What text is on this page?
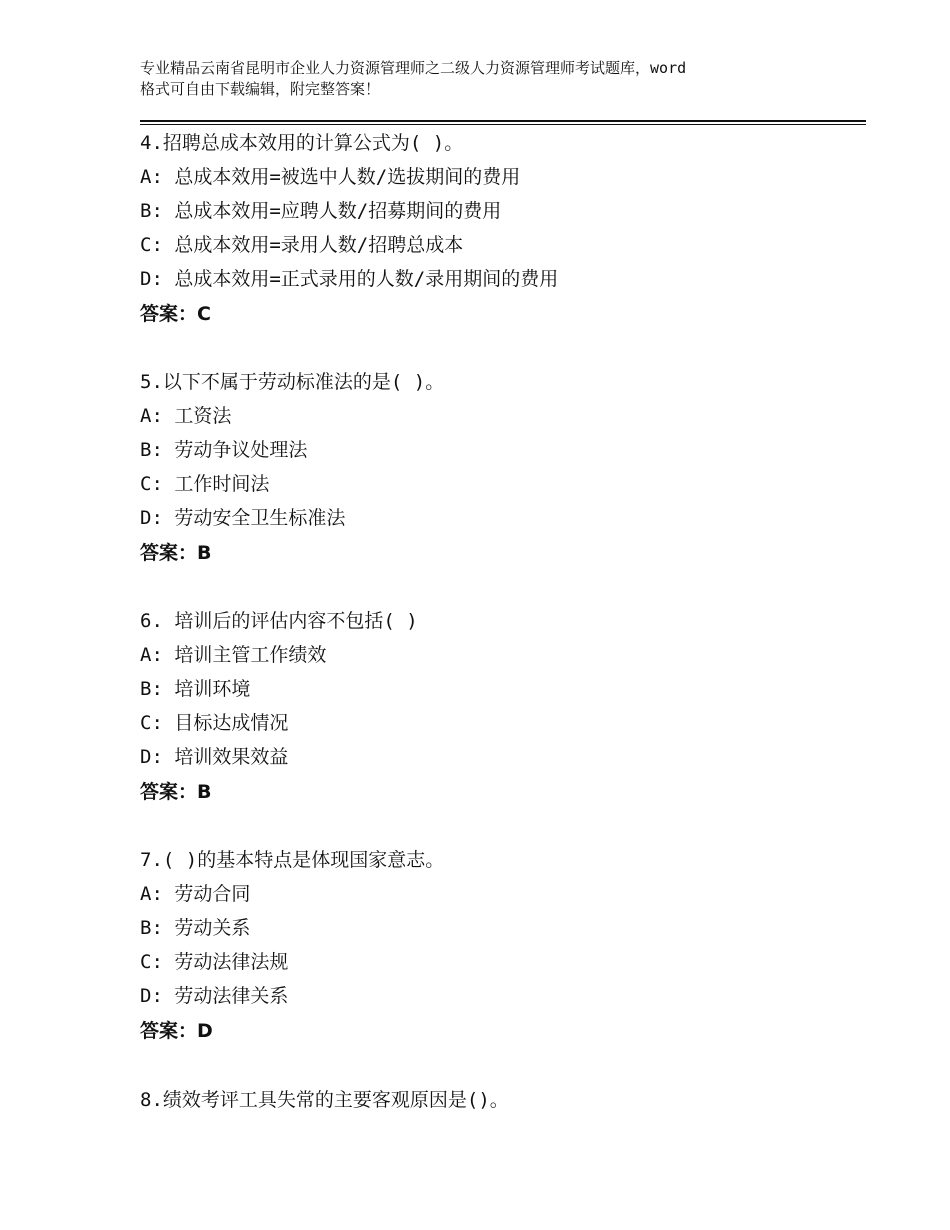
专业精品云南省昆明市企业人力资源管理师之二级人力资源管理师考试题库，word
格式可自由下载编辑，附完整答案！
4.招聘总成本效用的计算公式为( )。
A: 总成本效用=被选中人数/选拔期间的费用
B: 总成本效用=应聘人数/招募期间的费用
C: 总成本效用=录用人数/招聘总成本
D: 总成本效用=正式录用的人数/录用期间的费用
答案：C
5.以下不属于劳动标准法的是( )。
A: 工资法
B: 劳动争议处理法
C: 工作时间法
D: 劳动安全卫生标准法
答案：B
6. 培训后的评估内容不包括( )
A: 培训主管工作绩效
B: 培训环境
C: 目标达成情况
D: 培训效果效益
答案：B
7.( )的基本特点是体现国家意志。
A: 劳动合同
B: 劳动关系
C: 劳动法律法规
D: 劳动法律关系
答案：D
8.绩效考评工具失常的主要客观原因是()。
